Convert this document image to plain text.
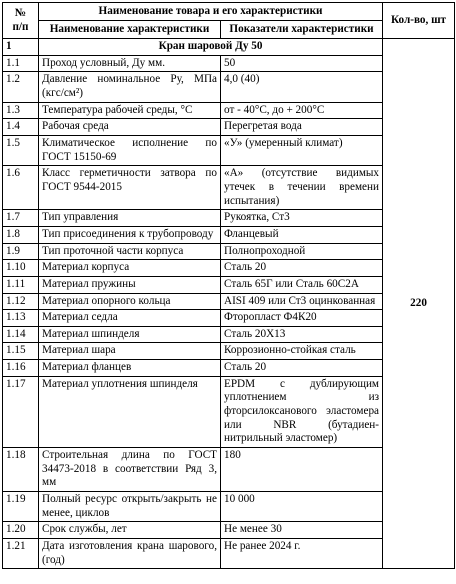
№
п/п	Наименование товара и его характеристики		Кол-во, шт
	Наименование характеристики	Показатели характеристики	
1	Кран шаровой Ду 50		220
1.1	Проход условный, Ду мм.	50	
1.2	Давление номинальное Ру, МПа (кгс/см²)	4,0 (40)	
1.3	Температура рабочей среды, °С	от - 40°С, до + 200°С	
1.4	Рабочая среда	Перегретая вода	
1.5	Климатическое исполнение по ГОСТ 15150-69	«У» (умеренный климат)	
1.6	Класс герметичности затвора по ГОСТ 9544-2015	«А» (отсутствие видимых утечек в течении времени испытания)	
1.7	Тип управления	Рукоятка, Ст3	
1.8	Тип присоединения к трубопроводу	Фланцевый	
1.9	Тип проточной части корпуса	Полнопроходной	
1.10	Материал корпуса	Сталь 20	
1.11	Материал пружины	Сталь 65Г или Сталь 60С2А	
1.12	Материал опорного кольца	AISI 409 или Ст3 оцинкованная	
1.13	Материал седла	Фторопласт Ф4К20	
1.14	Материал шпинделя	Сталь 20Х13	
1.15	Материал шара	Коррозионно-стойкая сталь	
1.16	Материал фланцев	Сталь 20	
1.17	Материал уплотнения шпинделя	EPDM с дублирующим уплотнением из фторсилоксанового эластомера или NBR (бутадиен-нитрильный эластомер)	
1.18	Строительная длина по ГОСТ 34473-2018 в соответствии Ряд 3, мм	180	
1.19	Полный ресурс открыть/закрыть не менее, циклов	10 000	
1.20	Срок службы, лет	Не менее 30	
1.21	Дата изготовления крана шарового, (год)	Не ранее 2024 г.	
